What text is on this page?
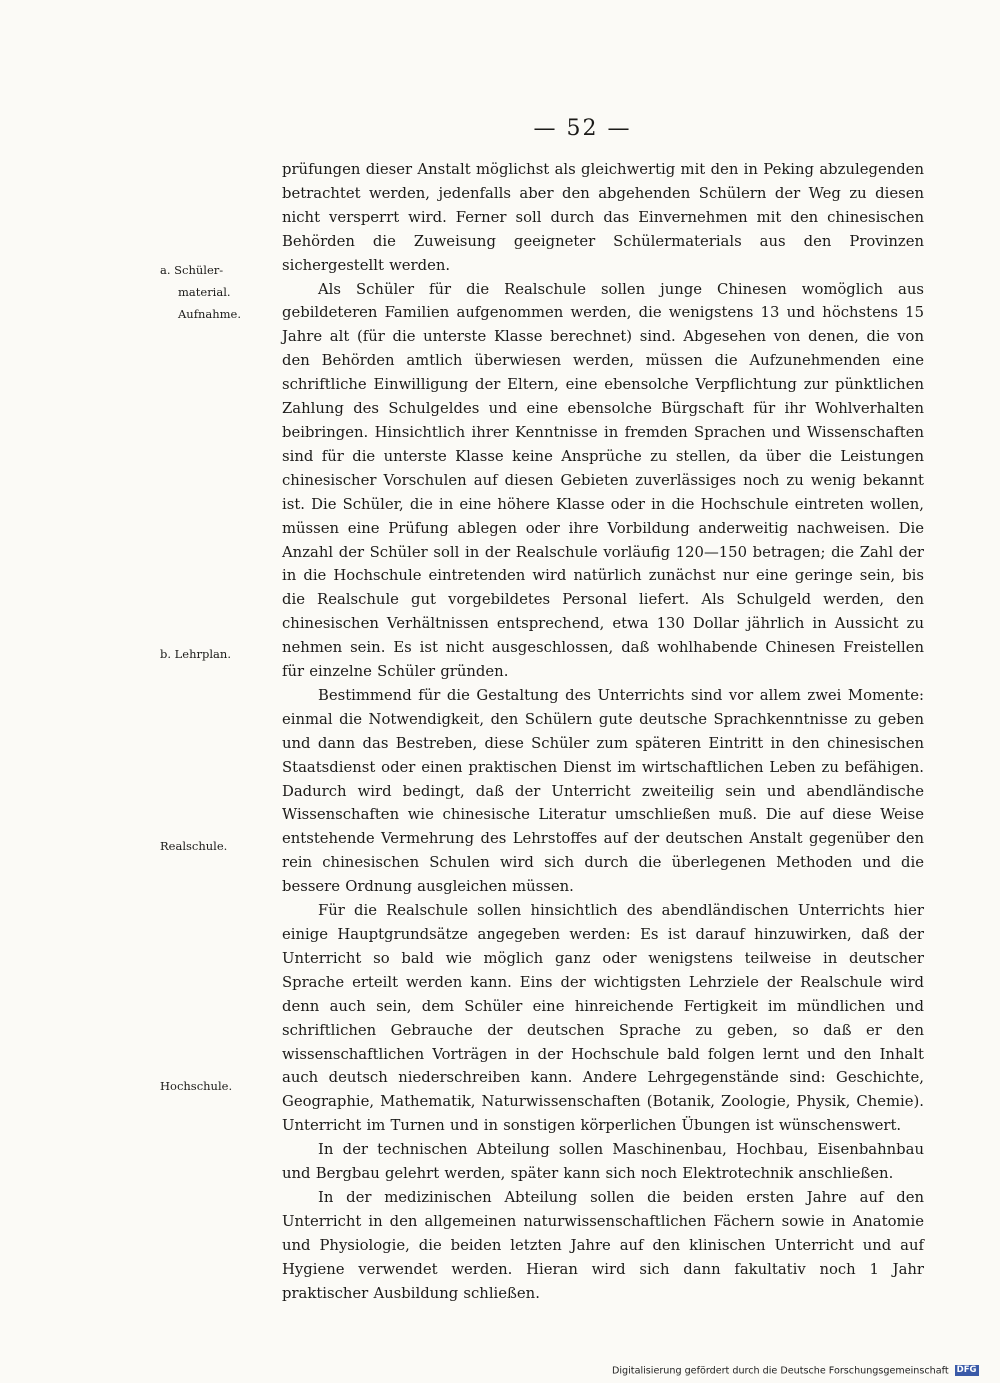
— 52 —
a. Schüler-
material.
Aufnahme.
b. Lehrplan.
Realschule.
Hochschule.

prüfungen dieser Anstalt möglichst als gleichwertig mit den in Peking abzulegenden betrachtet werden, jedenfalls aber den abgehenden Schülern der Weg zu diesen nicht versperrt wird. Ferner soll durch das Einvernehmen mit den chinesischen Behörden die Zuweisung geeigneter Schülermaterials aus den Provinzen sichergestellt werden.

Als Schüler für die Realschule sollen junge Chinesen womöglich aus gebildeteren Familien aufgenommen werden, die wenigstens 13 und höchstens 15 Jahre alt (für die unterste Klasse berechnet) sind. Abgesehen von denen, die von den Behörden amtlich überwiesen werden, müssen die Aufzunehmenden eine schriftliche Einwilligung der Eltern, eine ebensolche Verpflichtung zur pünktlichen Zahlung des Schulgeldes und eine ebensolche Bürgschaft für ihr Wohlverhalten beibringen. Hinsichtlich ihrer Kenntnisse in fremden Sprachen und Wissenschaften sind für die unterste Klasse keine Ansprüche zu stellen, da über die Leistungen chinesischer Vorschulen auf diesen Gebieten zuverlässiges noch zu wenig bekannt ist. Die Schüler, die in eine höhere Klasse oder in die Hochschule eintreten wollen, müssen eine Prüfung ablegen oder ihre Vorbildung anderweitig nachweisen. Die Anzahl der Schüler soll in der Realschule vorläufig 120—150 betragen; die Zahl der in die Hochschule eintretenden wird natürlich zunächst nur eine geringe sein, bis die Realschule gut vorgebildetes Personal liefert. Als Schulgeld werden, den chinesischen Verhältnissen entsprechend, etwa 130 Dollar jährlich in Aussicht zu nehmen sein. Es ist nicht ausgeschlossen, daß wohlhabende Chinesen Freistellen für einzelne Schüler gründen.

Bestimmend für die Gestaltung des Unterrichts sind vor allem zwei Momente: einmal die Notwendigkeit, den Schülern gute deutsche Sprachkenntnisse zu geben und dann das Bestreben, diese Schüler zum späteren Eintritt in den chinesischen Staatsdienst oder einen praktischen Dienst im wirtschaftlichen Leben zu befähigen. Dadurch wird bedingt, daß der Unterricht zweiteilig sein und abendländische Wissenschaften wie chinesische Literatur umschließen muß. Die auf diese Weise entstehende Vermehrung des Lehrstoffes auf der deutschen Anstalt gegenüber den rein chinesischen Schulen wird sich durch die überlegenen Methoden und die bessere Ordnung ausgleichen müssen.

Für die Realschule sollen hinsichtlich des abendländischen Unterrichts hier einige Hauptgrundsätze angegeben werden: Es ist darauf hinzuwirken, daß der Unterricht so bald wie möglich ganz oder wenigstens teilweise in deutscher Sprache erteilt werden kann. Eins der wichtigsten Lehrziele der Realschule wird denn auch sein, dem Schüler eine hinreichende Fertigkeit im mündlichen und schriftlichen Gebrauche der deutschen Sprache zu geben, so daß er den wissenschaftlichen Vorträgen in der Hochschule bald folgen lernt und den Inhalt auch deutsch niederschreiben kann. Andere Lehrgegenstände sind: Geschichte, Geographie, Mathematik, Naturwissenschaften (Botanik, Zoologie, Physik, Chemie). Unterricht im Turnen und in sonstigen körperlichen Übungen ist wünschenswert.

In der technischen Abteilung sollen Maschinenbau, Hochbau, Eisenbahnbau und Bergbau gelehrt werden, später kann sich noch Elektrotechnik anschließen.

In der medizinischen Abteilung sollen die beiden ersten Jahre auf den Unterricht in den allgemeinen naturwissenschaftlichen Fächern sowie in Anatomie und Physiologie, die beiden letzten Jahre auf den klinischen Unterricht und auf Hygiene verwendet werden. Hieran wird sich dann fakultativ noch 1 Jahr praktischer Ausbildung schließen.

Digitalisierung gefördert durch die Deutsche Forschungsgemeinschaft DFG
